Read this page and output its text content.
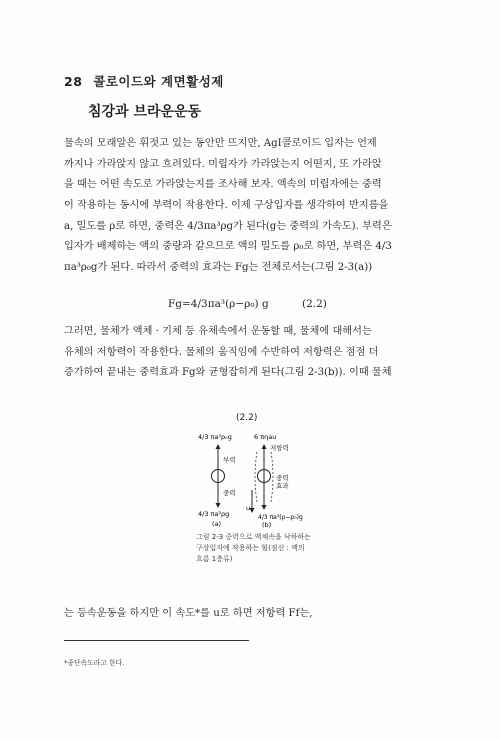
28 콜로이드와 계면활성제
침강과 브라운운동
물속의 모래알은 휘젓고 있는 동안만 뜨지만, AgI콜로이드 입자는 언제
까지나 가라앉지 않고 흐려있다. 미립자가 가라앉는지 어떤지, 또 가라앉
을 때는 어떤 속도로 가라앉는지를 조사해 보자. 액속의 미립자에는 중력
이 작용하는 동시에 부력이 작용한다. 이제 구상입자를 생각하여 반지름을
a, 밀도를 ρ로 하면, 중력은 4/3πa³ρg가 된다(g는 중력의 가속도). 부력은
입자가 배제하는 액의 중량과 같으므로 액의 밀도를 ρ₀로 하면, 부력은 4/3
πa³ρ₀g가 된다. 따라서 중력의 효과는 Fg는 전체로서는(그림 2-3(a))
Fg=4/3πa³(ρ−ρ₀) g	(2.2)
그러면, 물체가 액체 · 기체 등 유체속에서 운동할 때, 물체에 대해서는
유체의 저항력이 작용한다. 물체의 움직임에 수반하여 저항력은 점점 더
증가하여 끝내는 중력효과 Fg와 균형잡히게 된다(그림 2-3(b)). 이때 물체
(2.2)
4/3 πa³ρ₀g
부력
중력
4/3 πa³ρg
(a)
6 πηau
저항력
중력
효과
u
4/3 πa³(ρ−ρ₀)g
(b)
그림 2-3 중력으로 액체속을 낙하하는
구상입자에 작용하는 힘(점선 : 액의
흐름 1층류)
는 등속운동을 하지만 이 속도*를 u로 하면 저항력 Ff는,
*종단속도라고 한다.
